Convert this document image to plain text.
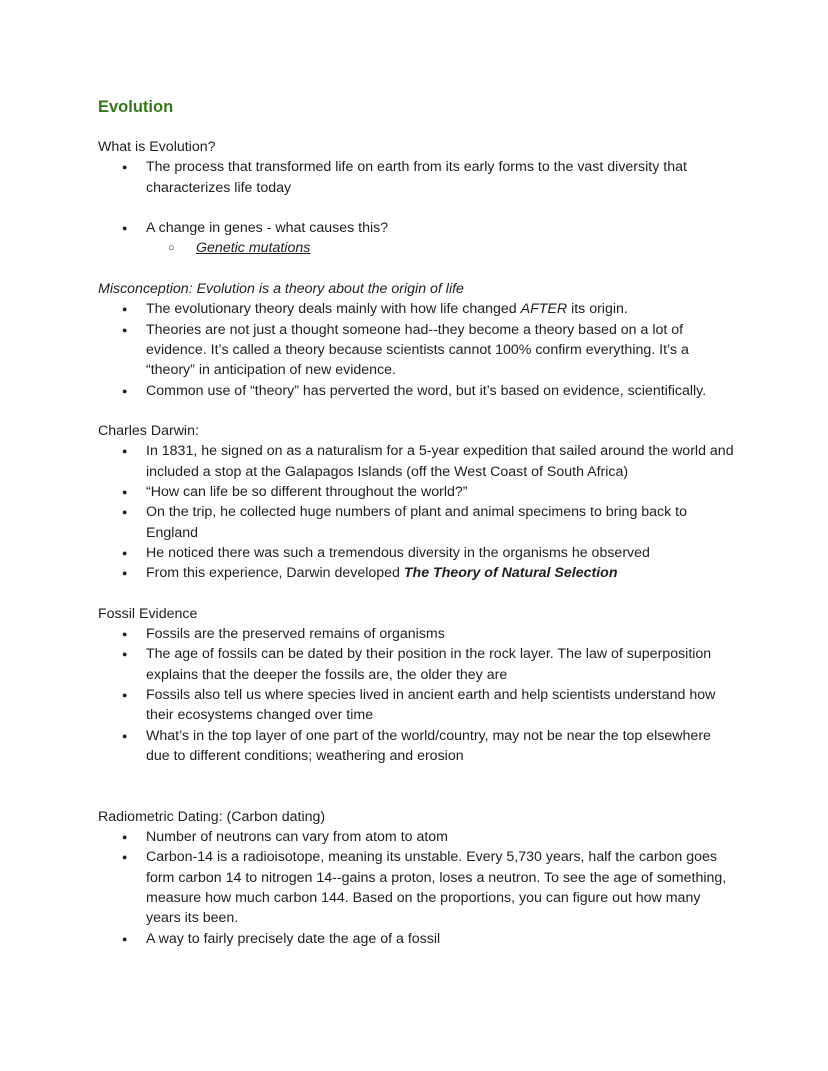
Evolution

What is Evolution?

● The process that transformed life on earth from its early forms to the vast diversity that characterizes life today
● A change in genes - what causes this?
○ Genetic mutations

Misconception: Evolution is a theory about the origin of life

● The evolutionary theory deals mainly with how life changed AFTER its origin.
● Theories are not just a thought someone had--they become a theory based on a lot of evidence. It’s called a theory because scientists cannot 100% confirm everything. It’s a “theory” in anticipation of new evidence.
● Common use of “theory” has perverted the word, but it’s based on evidence, scientifically.

Charles Darwin:

● In 1831, he signed on as a naturalism for a 5-year expedition that sailed around the world and included a stop at the Galapagos Islands (off the West Coast of South Africa)
● “How can life be so different throughout the world?”
● On the trip, he collected huge numbers of plant and animal specimens to bring back to England
● He noticed there was such a tremendous diversity in the organisms he observed
● From this experience, Darwin developed The Theory of Natural Selection

Fossil Evidence

● Fossils are the preserved remains of organisms
● The age of fossils can be dated by their position in the rock layer. The law of superposition explains that the deeper the fossils are, the older they are
● Fossils also tell us where species lived in ancient earth and help scientists understand how their ecosystems changed over time
● What’s in the top layer of one part of the world/country, may not be near the top elsewhere due to different conditions; weathering and erosion

Radiometric Dating: (Carbon dating)

● Number of neutrons can vary from atom to atom
● Carbon-14 is a radioisotope, meaning its unstable. Every 5,730 years, half the carbon goes form carbon 14 to nitrogen 14--gains a proton, loses a neutron. To see the age of something, measure how much carbon 144. Based on the proportions, you can figure out how many years its been.
● A way to fairly precisely date the age of a fossil
